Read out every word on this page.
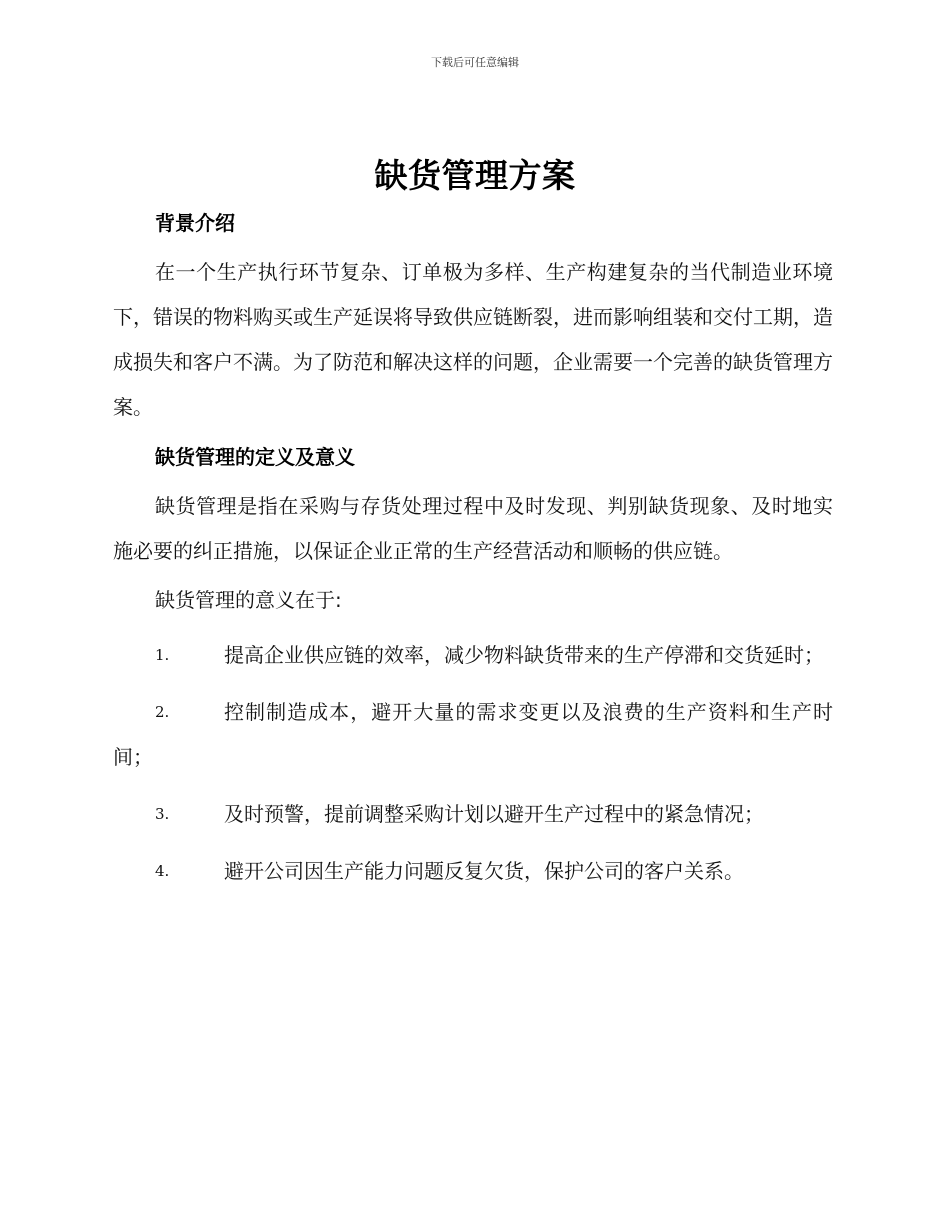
下载后可任意编辑
缺货管理方案

背景介绍

在一个生产执行环节复杂、订单极为多样、生产构建复杂的当代制造业环境下，错误的物料购买或生产延误将导致供应链断裂，进而影响组装和交付工期，造成损失和客户不满。为了防范和解决这样的问题，企业需要一个完善的缺货管理方案。

缺货管理的定义及意义

缺货管理是指在采购与存货处理过程中及时发现、判别缺货现象、及时地实施必要的纠正措施，以保证企业正常的生产经营活动和顺畅的供应链。

缺货管理的意义在于:

1.	提高企业供应链的效率，减少物料缺货带来的生产停滞和交货延时；
2.	控制制造成本，避开大量的需求变更以及浪费的生产资料和生产时间；
3.	及时预警，提前调整采购计划以避开生产过程中的紧急情况；
4.	避开公司因生产能力问题反复欠货，保护公司的客户关系。
